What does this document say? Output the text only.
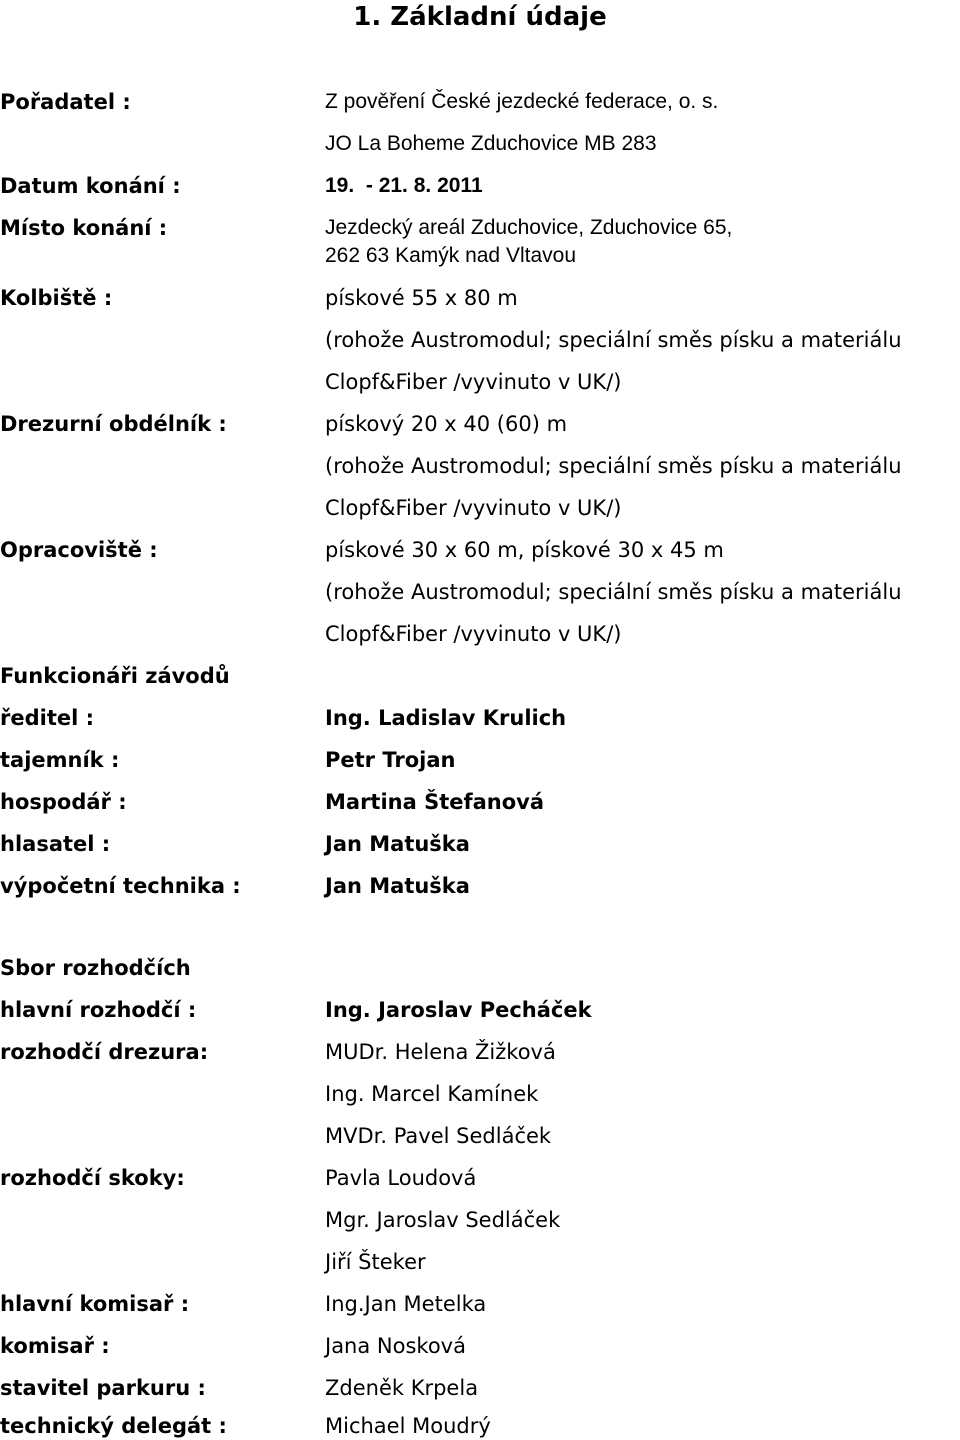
1. Základní údaje
Pořadatel :	Z pověření České jezdecké federace, o. s.
JO La Boheme Zduchovice MB 283
Datum konání :	19.  - 21. 8. 2011
Místo konání :	Jezdecký areál Zduchovice, Zduchovice 65,
262 63 Kamýk nad Vltavou
Kolbiště :	pískové 55 x 80 m
(rohože Austromodul; speciální směs písku a materiálu
Clopf&Fiber /vyvinuto v UK/)
Drezurní obdélník :	pískový 20 x 40 (60) m
(rohože Austromodul; speciální směs písku a materiálu
Clopf&Fiber /vyvinuto v UK/)
Opracoviště :	pískové 30 x 60 m, pískové 30 x 45 m
(rohože Austromodul; speciální směs písku a materiálu
Clopf&Fiber /vyvinuto v UK/)
Funkcionáři závodů
ředitel :	Ing. Ladislav Krulich
tajemník :	Petr Trojan
hospodář :	Martina Štefanová
hlasatel :	Jan Matuška
výpočetní technika :	Jan Matuška
Sbor rozhodčích
hlavní rozhodčí :	Ing. Jaroslav Pecháček
rozhodčí drezura:	MUDr. Helena Žižková
Ing. Marcel Kamínek
MVDr. Pavel Sedláček
rozhodčí skoky:	Pavla Loudová
Mgr. Jaroslav Sedláček
Jiří Šteker
hlavní komisař :	Ing.Jan Metelka
komisař :	Jana Nosková
stavitel parkuru :	Zdeněk Krpela
technický delegát :	Michael Moudrý
